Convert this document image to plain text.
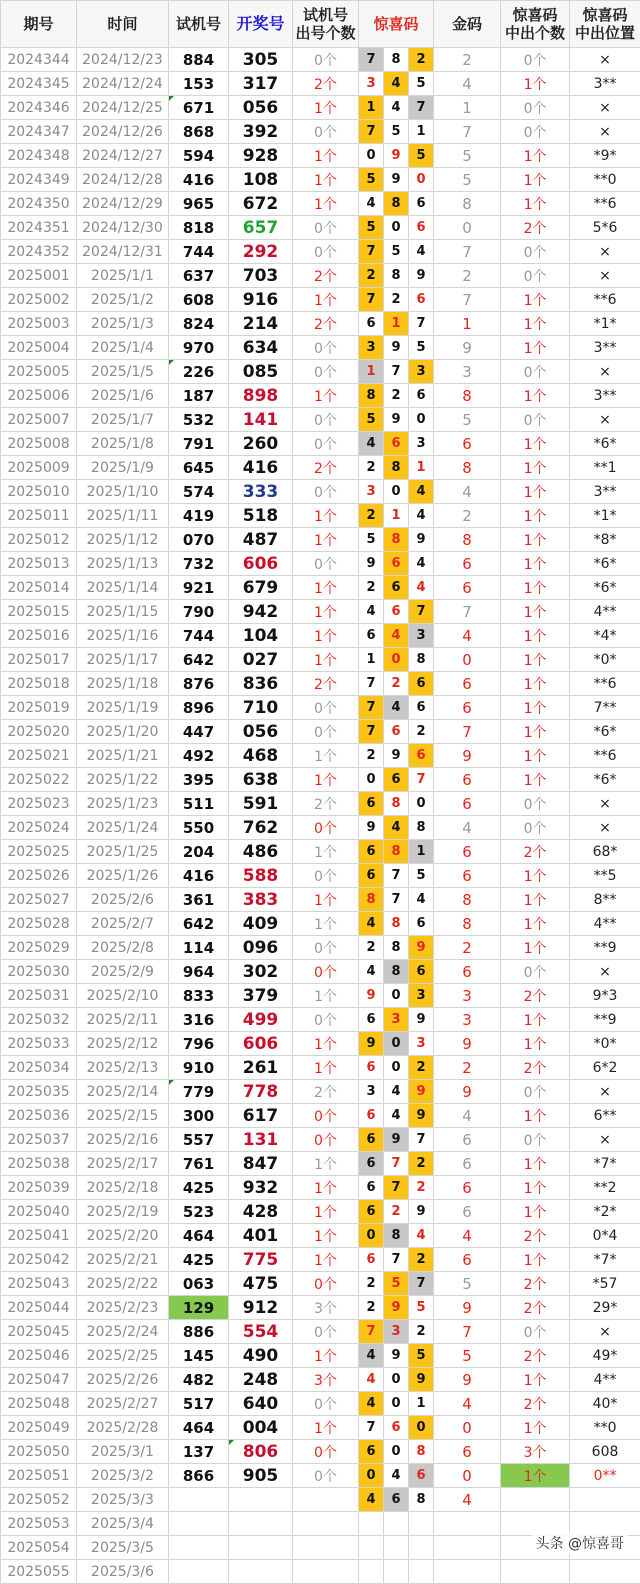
期号	时间	试机号	开奖号	试机号
出号个数	惊喜码			金码	惊喜码
中出个数	惊喜码
中出位置
2024344	2024/12/23	884	305	0个	7	8	2	2	0个	×
2024345	2024/12/24	153	317	2个	3	4	5	4	1个	3**
2024346	2024/12/25	671	056	1个	1	4	7	1	0个	×
2024347	2024/12/26	868	392	0个	7	5	1	7	0个	×
2024348	2024/12/27	594	928	1个	0	9	5	5	1个	*9*
2024349	2024/12/28	416	108	1个	5	9	0	5	1个	**0
2024350	2024/12/29	965	672	1个	4	8	6	8	1个	**6
2024351	2024/12/30	818	657	0个	5	0	6	0	2个	5*6
2024352	2024/12/31	744	292	0个	7	5	4	7	0个	×
2025001	2025/1/1	637	703	2个	2	8	9	2	0个	×
2025002	2025/1/2	608	916	1个	7	2	6	7	1个	**6
2025003	2025/1/3	824	214	2个	6	1	7	1	1个	*1*
2025004	2025/1/4	970	634	0个	3	9	5	9	1个	3**
2025005	2025/1/5	226	085	0个	1	7	3	3	0个	×
2025006	2025/1/6	187	898	1个	8	2	6	8	1个	3**
2025007	2025/1/7	532	141	0个	5	9	0	5	0个	×
2025008	2025/1/8	791	260	0个	4	6	3	6	1个	*6*
2025009	2025/1/9	645	416	2个	2	8	1	8	1个	**1
2025010	2025/1/10	574	333	0个	3	0	4	4	1个	3**
2025011	2025/1/11	419	518	1个	2	1	4	2	1个	*1*
2025012	2025/1/12	070	487	1个	5	8	9	8	1个	*8*
2025013	2025/1/13	732	606	0个	9	6	4	6	1个	*6*
2025014	2025/1/14	921	679	1个	2	6	4	6	1个	*6*
2025015	2025/1/15	790	942	1个	4	6	7	7	1个	4**
2025016	2025/1/16	744	104	1个	6	4	3	4	1个	*4*
2025017	2025/1/17	642	027	1个	1	0	8	0	1个	*0*
2025018	2025/1/18	876	836	2个	7	2	6	6	1个	**6
2025019	2025/1/19	896	710	0个	7	4	6	6	1个	7**
2025020	2025/1/20	447	056	0个	7	6	2	7	1个	*6*
2025021	2025/1/21	492	468	1个	2	9	6	9	1个	**6
2025022	2025/1/22	395	638	1个	0	6	7	6	1个	*6*
2025023	2025/1/23	511	591	2个	6	8	0	6	0个	×
2025024	2025/1/24	550	762	0个	9	4	8	4	0个	×
2025025	2025/1/25	204	486	1个	6	8	1	6	2个	68*
2025026	2025/1/26	416	588	0个	6	7	5	6	1个	**5
2025027	2025/2/6	361	383	1个	8	7	4	8	1个	8**
2025028	2025/2/7	642	409	1个	4	8	6	8	1个	4**
2025029	2025/2/8	114	096	0个	2	8	9	2	1个	**9
2025030	2025/2/9	964	302	0个	4	8	6	6	0个	×
2025031	2025/2/10	833	379	1个	9	0	3	3	2个	9*3
2025032	2025/2/11	316	499	0个	6	3	9	3	1个	**9
2025033	2025/2/12	796	606	1个	9	0	3	9	1个	*0*
2025034	2025/2/13	910	261	1个	6	0	2	2	2个	6*2
2025035	2025/2/14	779	778	2个	3	4	9	9	0个	×
2025036	2025/2/15	300	617	0个	6	4	9	4	1个	6**
2025037	2025/2/16	557	131	0个	6	9	7	6	0个	×
2025038	2025/2/17	761	847	1个	6	7	2	6	1个	*7*
2025039	2025/2/18	425	932	1个	6	7	2	6	1个	**2
2025040	2025/2/19	523	428	1个	6	2	9	6	1个	*2*
2025041	2025/2/20	464	401	1个	0	8	4	4	2个	0*4
2025042	2025/2/21	425	775	1个	6	7	2	6	1个	*7*
2025043	2025/2/22	063	475	0个	2	5	7	5	2个	*57
2025044	2025/2/23	129	912	3个	2	9	5	9	2个	29*
2025045	2025/2/24	886	554	0个	7	3	2	7	0个	×
2025046	2025/2/25	145	490	1个	4	9	5	5	2个	49*
2025047	2025/2/26	482	248	3个	4	0	9	9	1个	4**
2025048	2025/2/27	517	640	0个	4	0	1	4	2个	40*
2025049	2025/2/28	464	004	1个	7	6	0	0	1个	**0
2025050	2025/3/1	137	806	0个	6	0	8	6	3个	608
2025051	2025/3/2	866	905	0个	0	4	6	0	1个	0**
2025052	2025/3/3				4	6	8	4		
2025053	2025/3/4									
2025054	2025/3/5									
2025055	2025/3/6									
头条 @惊喜哥
